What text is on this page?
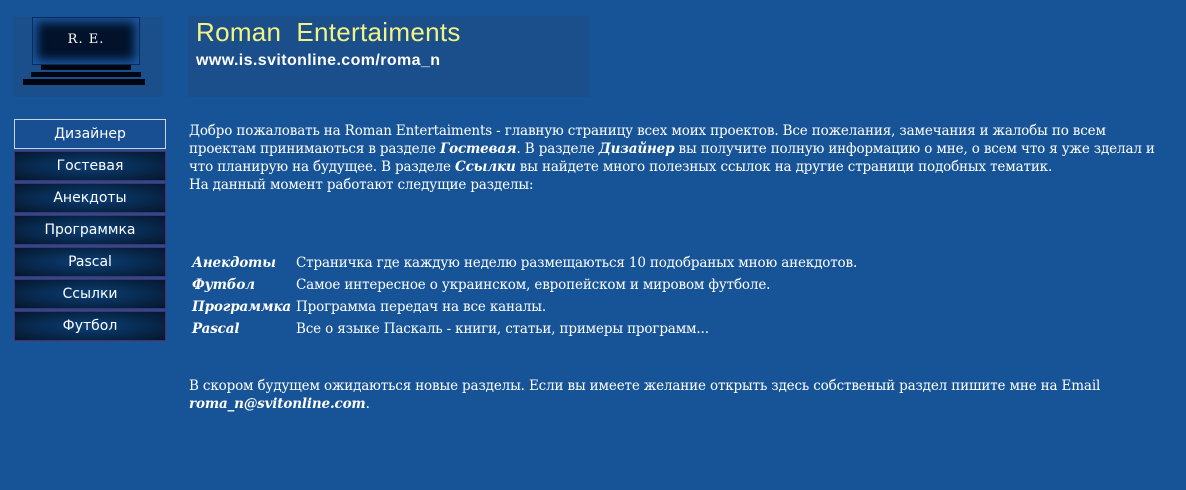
R. E.	Roman  Entertaiments
www.is.svitonline.com/roma_n
Дизайнер
Гостевая
Анекдоты
Программка
Pascal
Ссылки
Футбол

Добро пожаловать на Roman Entertaiments - главную страницу всех моих проектов. Все пожелания, замечания и жалобы по всем проектам принимаються в разделе Гостевая. В разделе Дизайнер вы получите полную информацию о мне, о всем что я уже зделал и что планирую на будущее. В разделе Ссылки вы найдете много полезных ссылок на другие страници подобных тематик.

На данный момент работают следущие разделы:

Анекдоты	Страничка где каждую неделю размещаються 10 подобраных мною анекдотов.
Футбол	Самое интересное о украинском, европейском и мировом футболе.
Программка	Программа передач на все каналы.
Pascal	Все о языке Паскаль - книги, статьи, примеры программ...

В скором будущем ожидаються новые разделы. Если вы имеете желание открыть здесь собственый раздел пишите мне на Email roma_n@svitonline.com.
